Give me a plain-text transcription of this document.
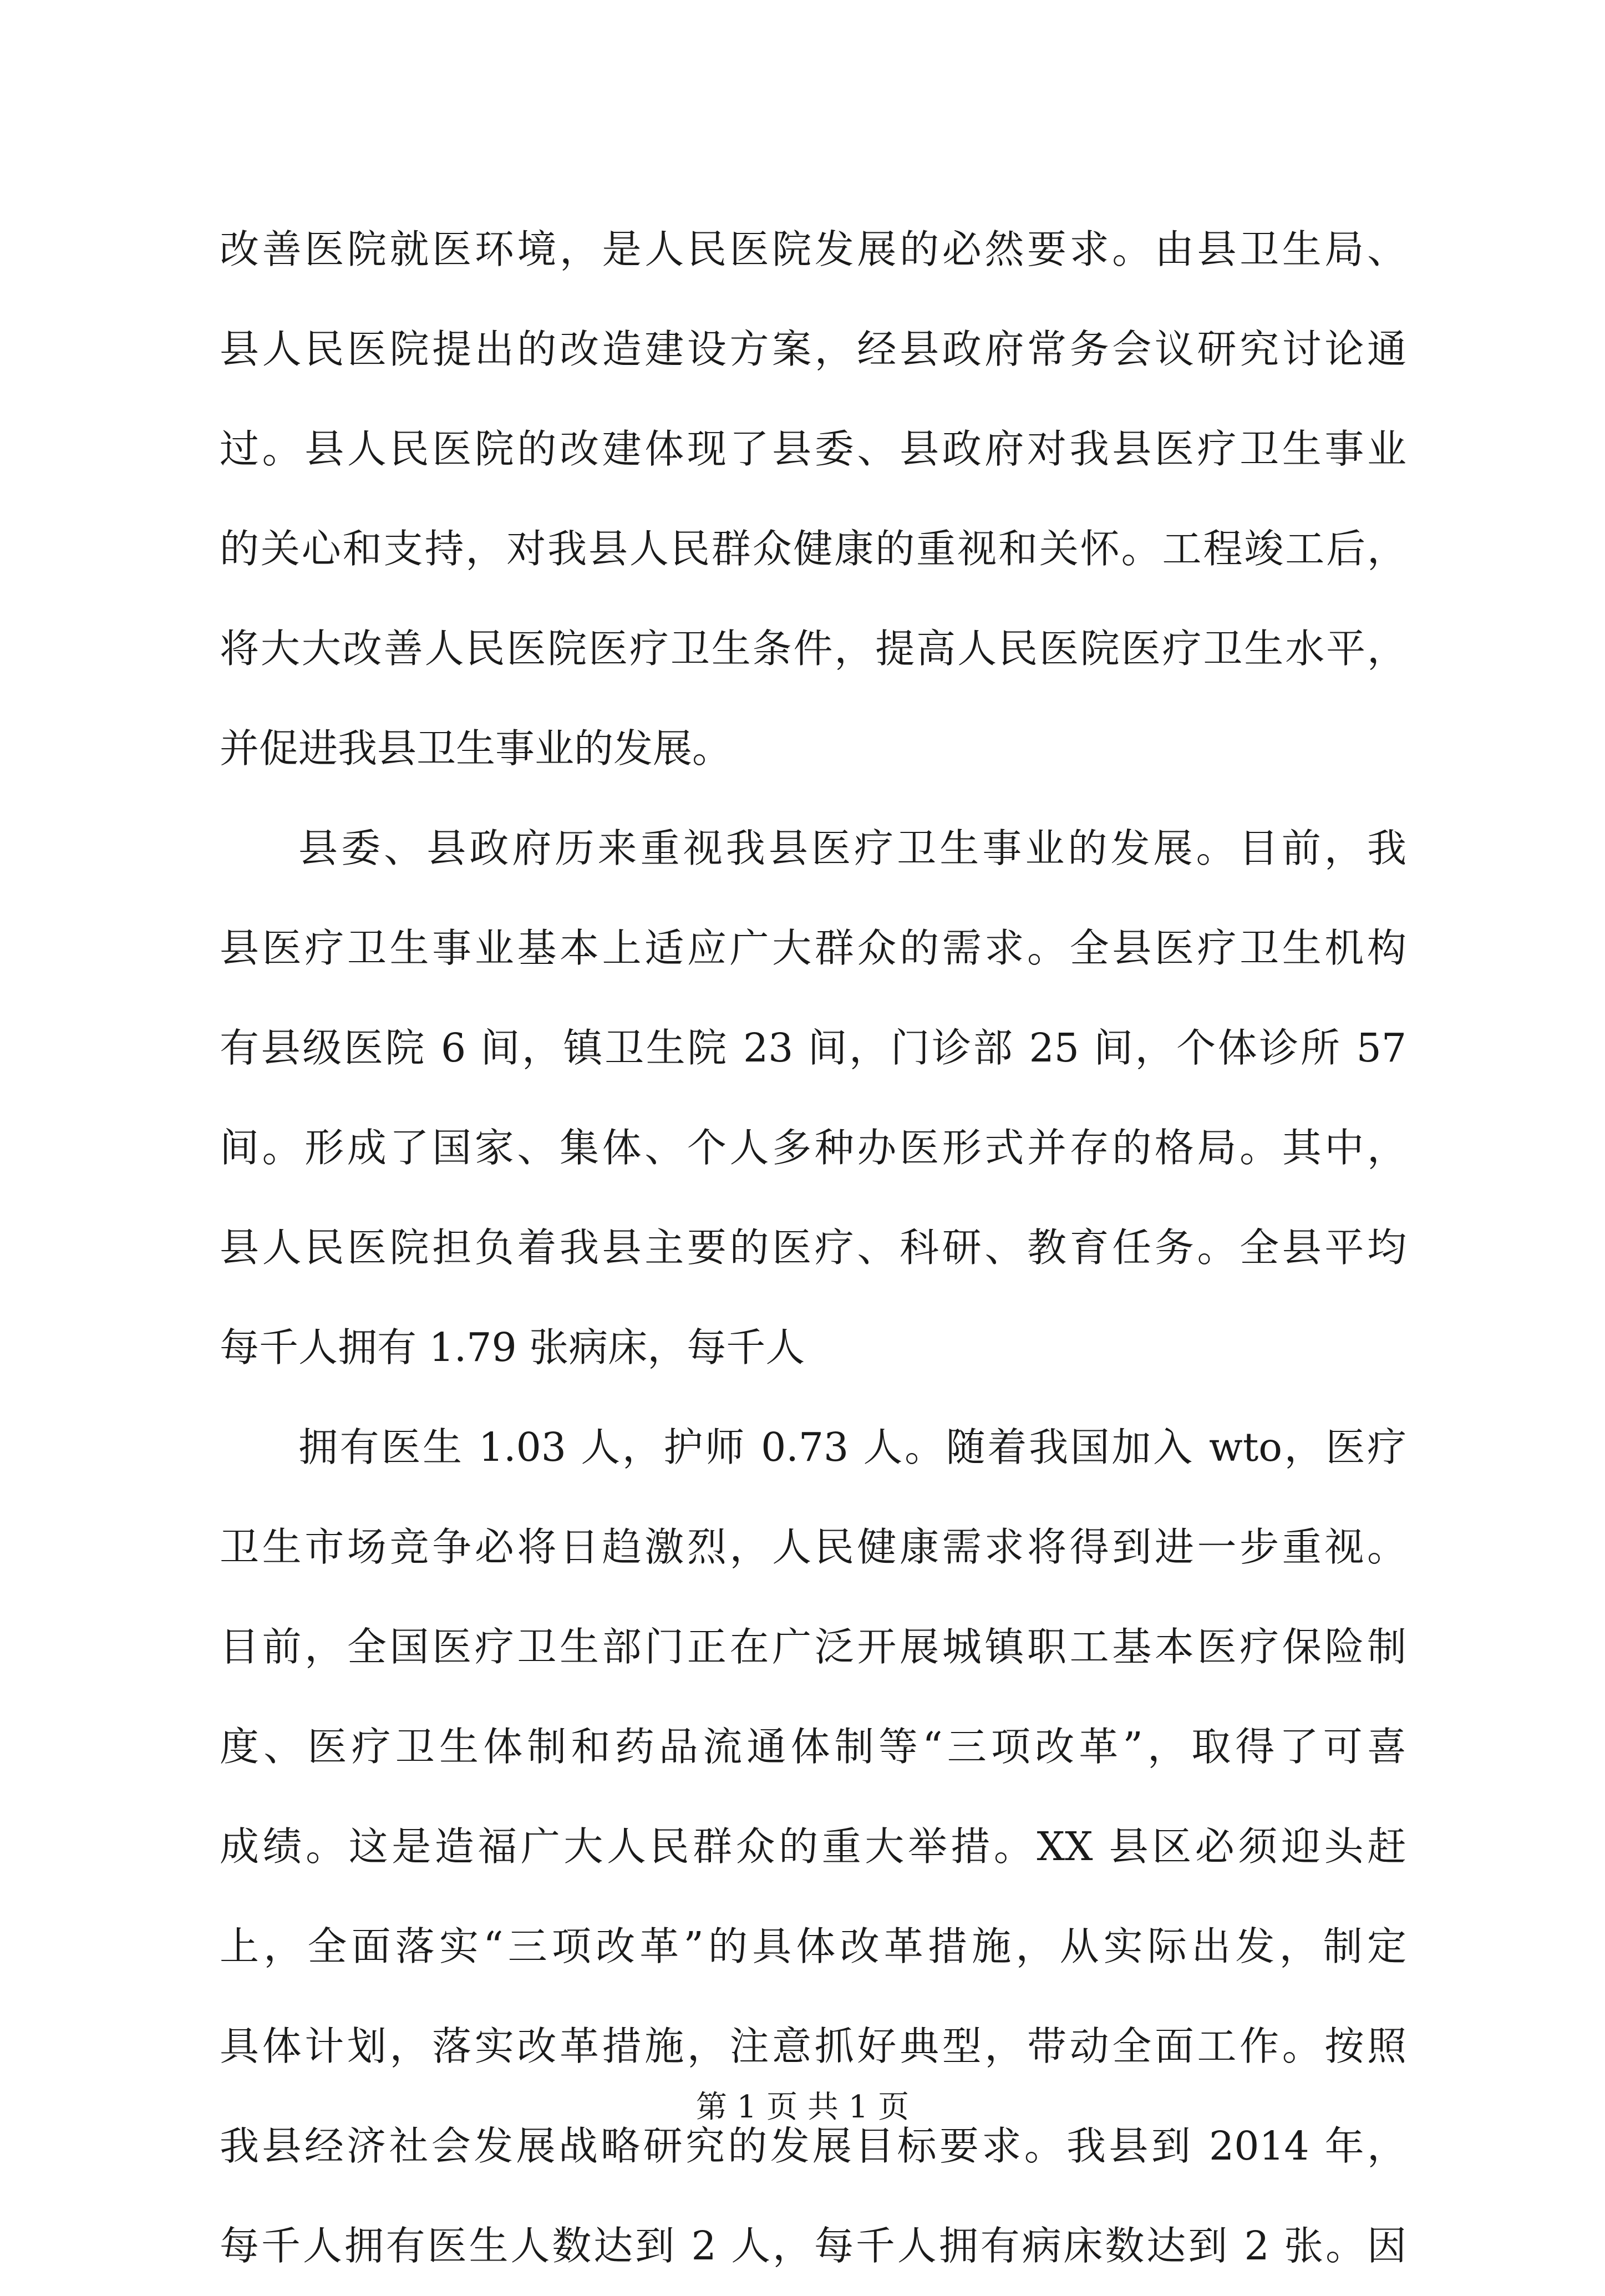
改善医院就医环境，是人民医院发展的必然要求。由县卫生局、
县人民医院提出的改造建设方案，经县政府常务会议研究讨论通
过。县人民医院的改建体现了县委、县政府对我县医疗卫生事业
的关心和支持，对我县人民群众健康的重视和关怀。工程竣工后，
将大大改善人民医院医疗卫生条件，提高人民医院医疗卫生水平，
并促进我县卫生事业的发展。
县委、县政府历来重视我县医疗卫生事业的发展。目前，我
县医疗卫生事业基本上适应广大群众的需求。全县医疗卫生机构
有县级医院 6 间，镇卫生院 23 间，门诊部 25 间，个体诊所 57
间。形成了国家、集体、个人多种办医形式并存的格局。其中，
县人民医院担负着我县主要的医疗、科研、教育任务。全县平均
每千人拥有 1.79 张病床，每千人
拥有医生 1.03 人，护师 0.73 人。随着我国加入 wto，医疗
卫生市场竞争必将日趋激烈，人民健康需求将得到进一步重视。
目前，全国医疗卫生部门正在广泛开展城镇职工基本医疗保险制
度、医疗卫生体制和药品流通体制等“三项改革”，取得了可喜
成绩。这是造福广大人民群众的重大举措。XX 县区必须迎头赶
上，全面落实“三项改革”的具体改革措施，从实际出发，制定
具体计划，落实改革措施，注意抓好典型，带动全面工作。按照
我县经济社会发展战略研究的发展目标要求。我县到 2014 年，
每千人拥有医生人数达到 2 人，每千人拥有病床数达到 2 张。因
第 1 页 共 1 页
